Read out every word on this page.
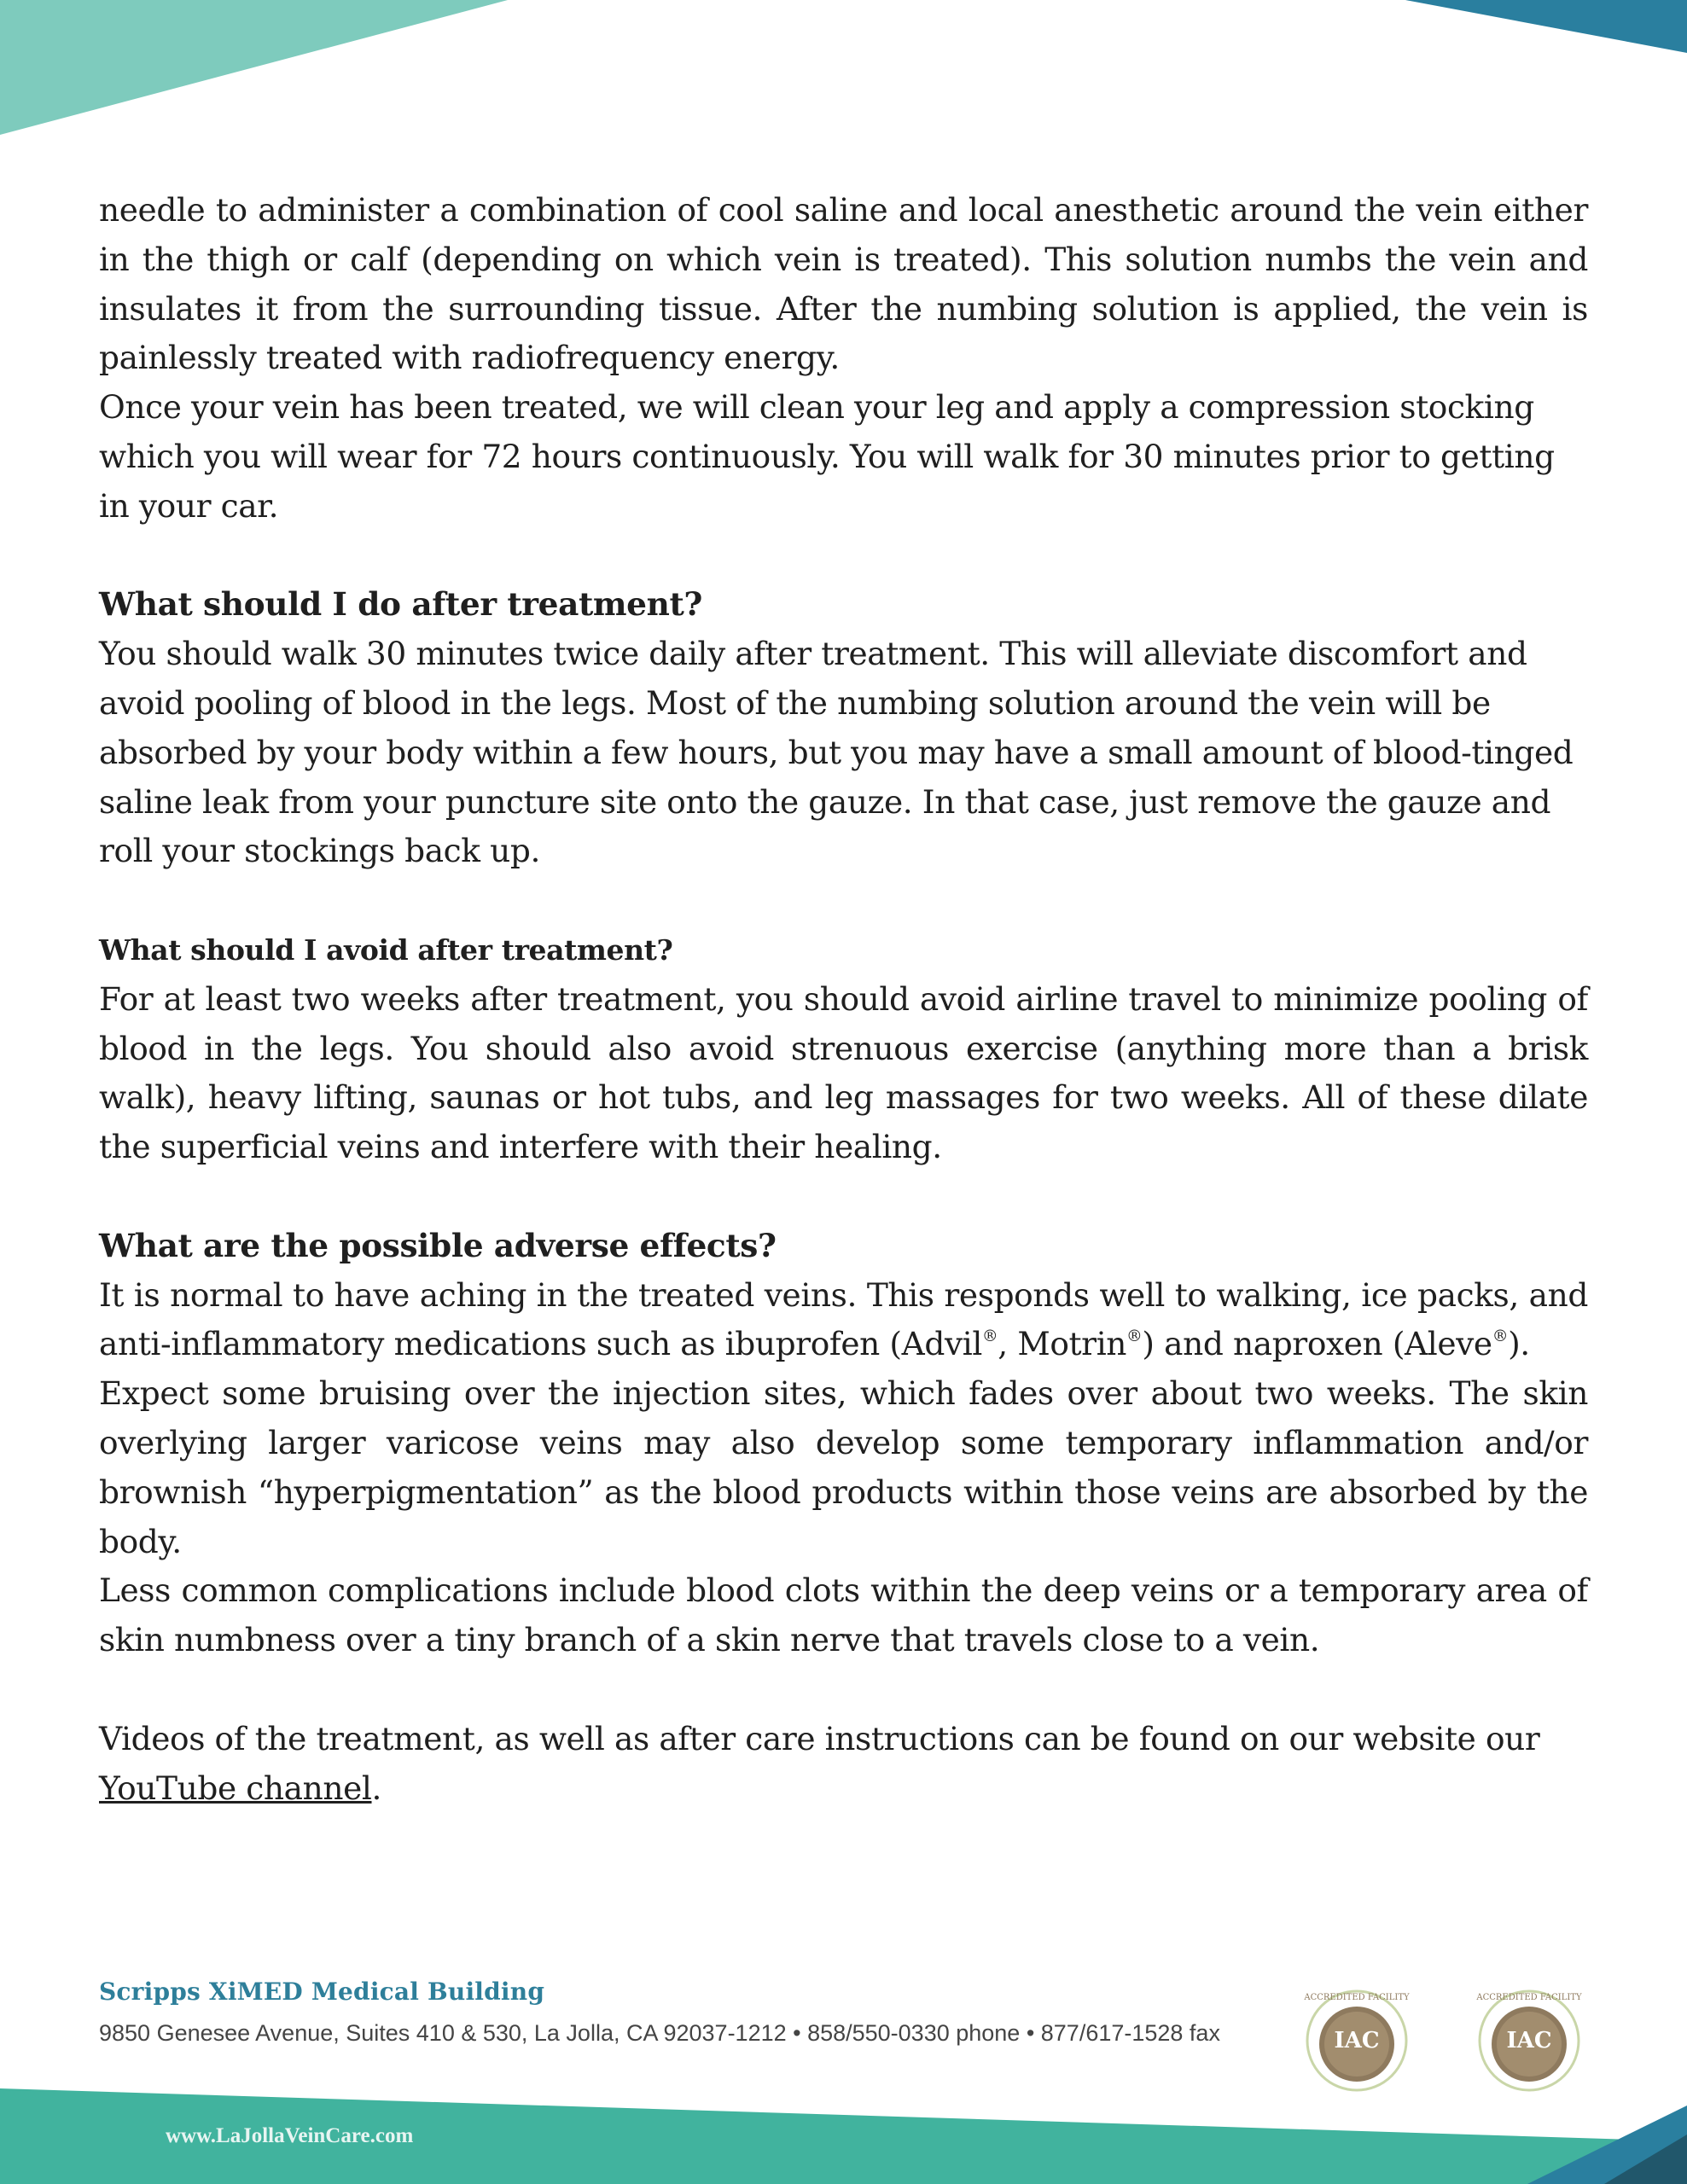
needle to administer a combination of cool saline and local anesthetic around the vein either in the thigh or calf (depending on which vein is treated). This solution numbs the vein and insulates it from the surrounding tissue. After the numbing solution is applied, the vein is painlessly treated with radiofrequency energy.

Once your vein has been treated, we will clean your leg and apply a compression stocking which you will wear for 72 hours continuously. You will walk for 30 minutes prior to getting in your car.

What should I do after treatment?

You should walk 30 minutes twice daily after treatment. This will alleviate discomfort and avoid pooling of blood in the legs. Most of the numbing solution around the vein will be absorbed by your body within a few hours, but you may have a small amount of blood-tinged saline leak from your puncture site onto the gauze. In that case, just remove the gauze and roll your stockings back up.

What should I avoid after treatment?

For at least two weeks after treatment, you should avoid airline travel to minimize pooling of blood in the legs. You should also avoid strenuous exercise (anything more than a brisk walk), heavy lifting, saunas or hot tubs, and leg massages for two weeks. All of these dilate the superficial veins and interfere with their healing.

What are the possible adverse effects?

It is normal to have aching in the treated veins. This responds well to walking, ice packs, and anti-inflammatory medications such as ibuprofen (Advil®, Motrin®) and naproxen (Aleve®).

Expect some bruising over the injection sites, which fades over about two weeks. The skin overlying larger varicose veins may also develop some temporary inflammation and/or brownish “hyperpigmentation” as the blood products within those veins are absorbed by the body.

Less common complications include blood clots within the deep veins or a temporary area of skin numbness over a tiny branch of a skin nerve that travels close to a vein.

Videos of the treatment, as well as after care instructions can be found on our website our YouTube channel.

Scripps XiMED Medical Building
9850 Genesee Avenue, Suites 410 & 530, La Jolla, CA 92037-1212 • 858/550-0330 phone • 877/617-1528 fax	IAC
ACCREDITED FACILITY
IAC
ACCREDITED FACILITY
www.LaJollaVeinCare.com
